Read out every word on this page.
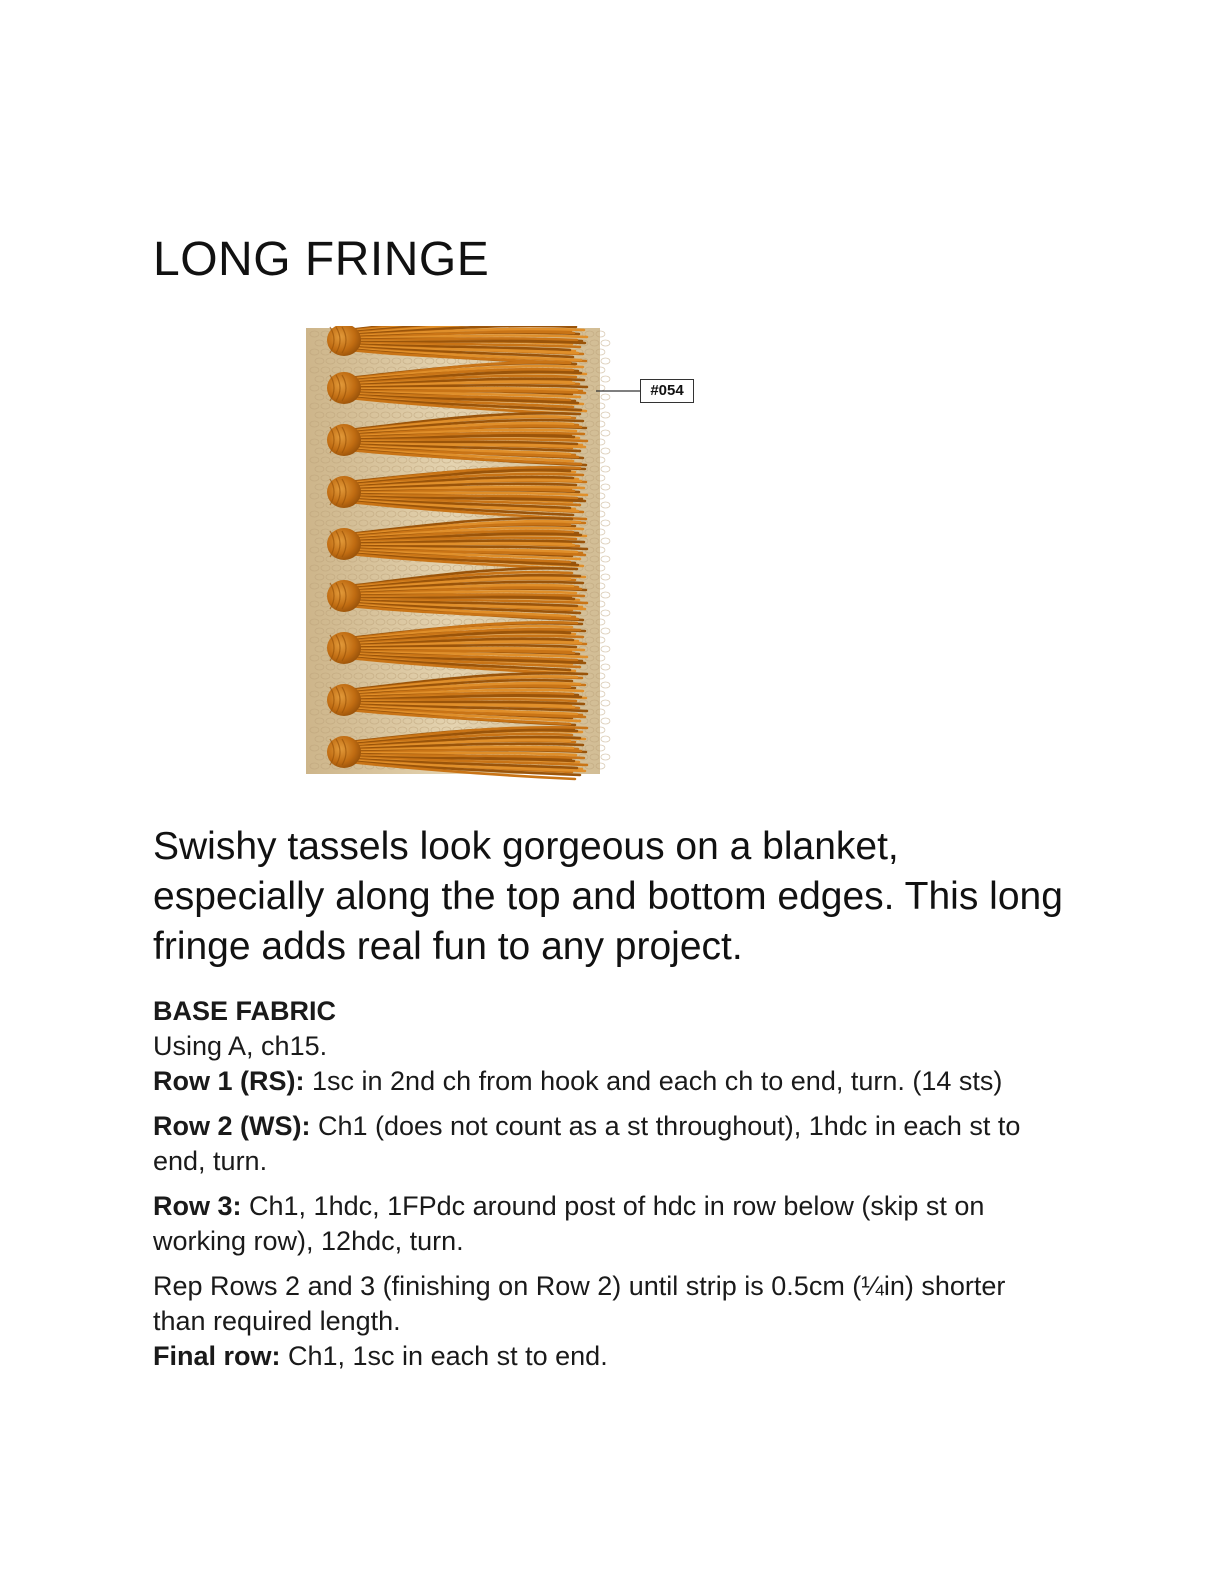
LONG FRINGE
#054

Swishy tassels look gorgeous on a blanket, especially along the top and bottom edges. This long fringe adds real fun to any project.

BASE FABRIC

Using A, ch15.

Row 1 (RS): 1sc in 2nd ch from hook and each ch to end, turn. (14 sts)

Row 2 (WS): Ch1 (does not count as a st throughout), 1hdc in each st to end, turn.

Row 3: Ch1, 1hdc, 1FPdc around post of hdc in row below (skip st on working row), 12hdc, turn.

Rep Rows 2 and 3 (finishing on Row 2) until strip is 0.5cm (¼in) shorter than required length.

Final row: Ch1, 1sc in each st to end.
